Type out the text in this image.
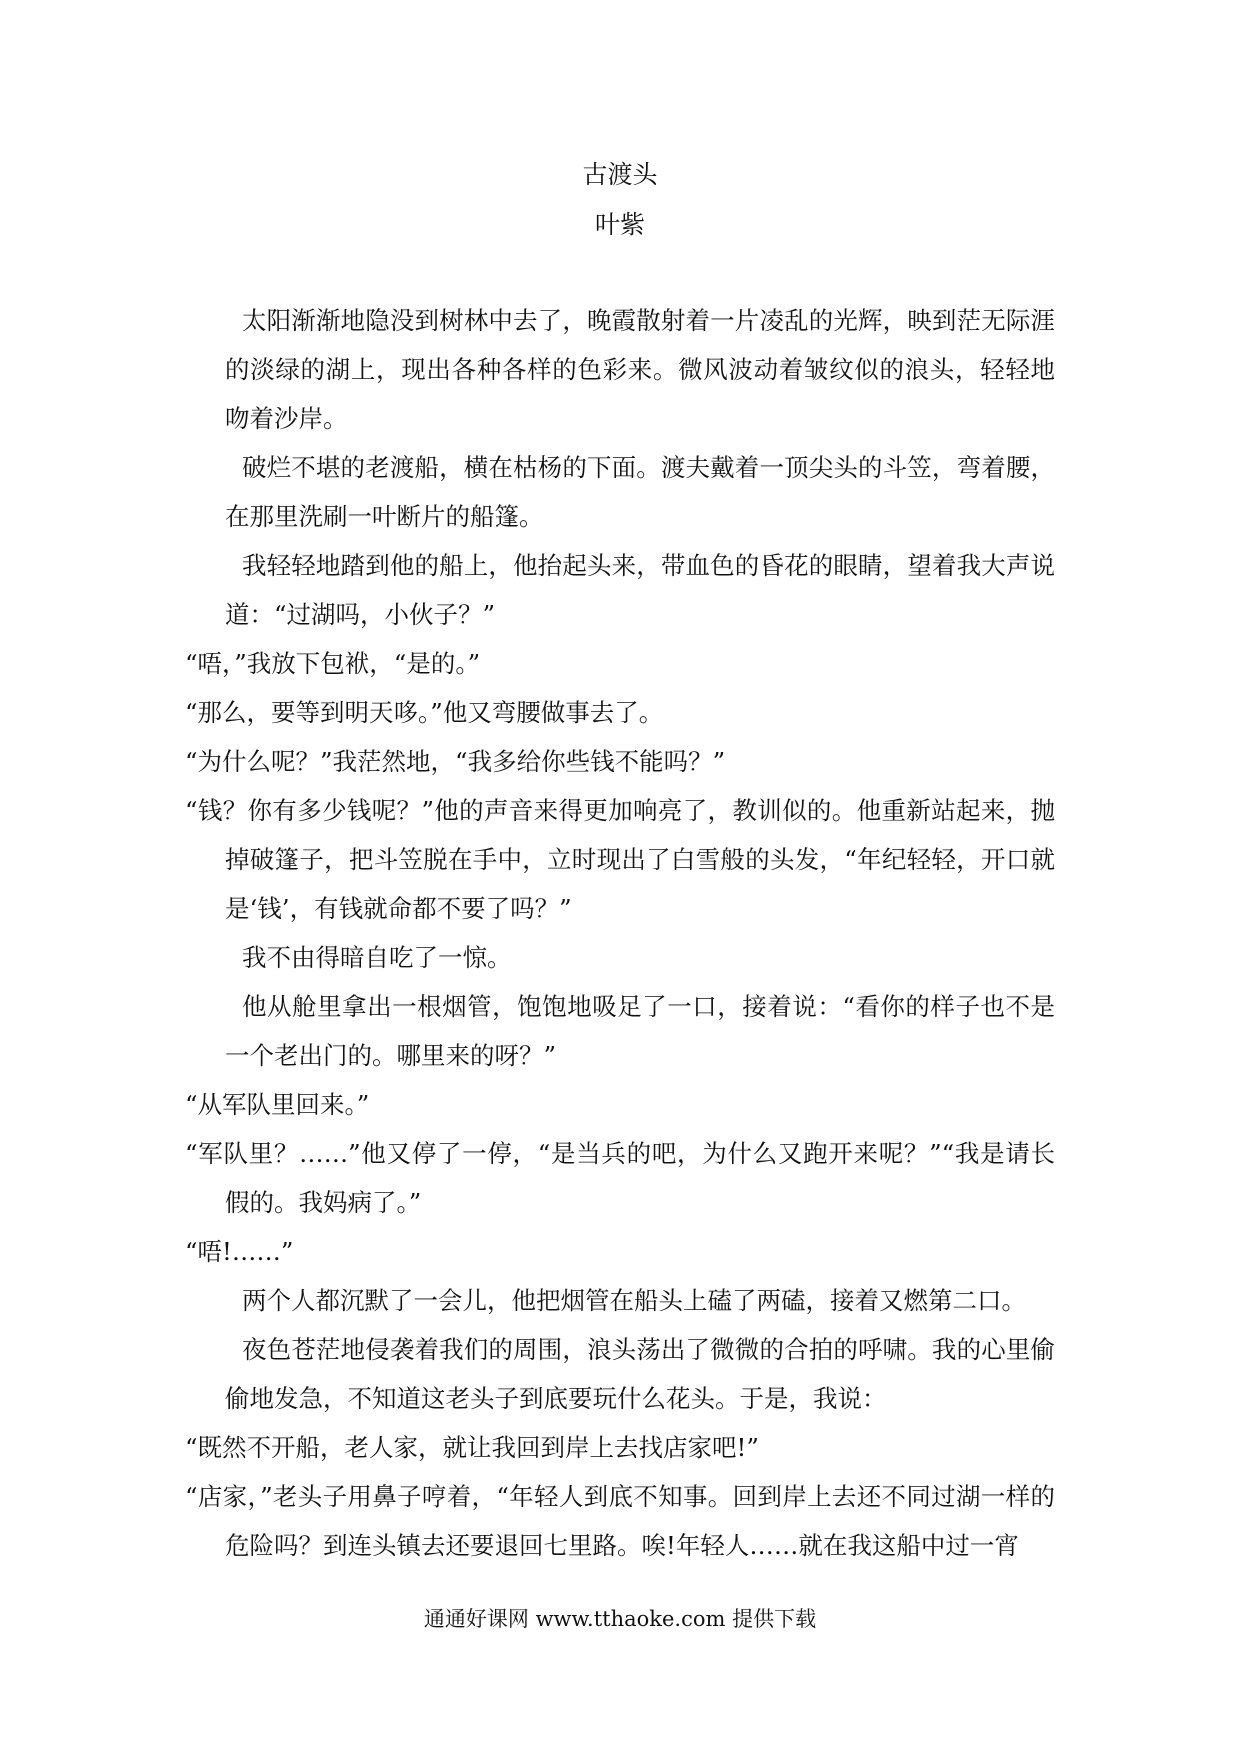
古渡头
叶紫

太阳渐渐地隐没到树林中去了，晚霞散射着一片凌乱的光辉，映到茫无际涯的淡绿的湖上，现出各种各样的色彩来。微风波动着皱纹似的浪头，轻轻地吻着沙岸。

破烂不堪的老渡船，横在枯杨的下面。渡夫戴着一顶尖头的斗笠，弯着腰，在那里洗刷一叶断片的船篷。

我轻轻地踏到他的船上，他抬起头来，带血色的昏花的眼睛，望着我大声说道：“过湖吗，小伙子？”

“唔，”我放下包袱，“是的。”

“那么，要等到明天哆。”他又弯腰做事去了。

“为什么呢？”我茫然地，“我多给你些钱不能吗？”

“钱？你有多少钱呢？”他的声音来得更加响亮了，教训似的。他重新站起来，抛掉破篷子，把斗笠脱在手中，立时现出了白雪般的头发，“年纪轻轻，开口就是‘钱’，有钱就命都不要了吗？”

我不由得暗自吃了一惊。

他从舱里拿出一根烟管，饱饱地吸足了一口，接着说：“看你的样子也不是一个老出门的。哪里来的呀？”

“从军队里回来。”

“军队里？……”他又停了一停，“是当兵的吧，为什么又跑开来呢？”“我是请长假的。我妈病了。”

“唔!……”

两个人都沉默了一会儿，他把烟管在船头上磕了两磕，接着又燃第二口。

夜色苍茫地侵袭着我们的周围，浪头荡出了微微的合拍的呼啸。我的心里偷偷地发急，不知道这老头子到底要玩什么花头。于是，我说：

“既然不开船，老人家，就让我回到岸上去找店家吧!”

“店家，”老头子用鼻子哼着，“年轻人到底不知事。回到岸上去还不同过湖一样的危险吗？到连头镇去还要退回七里路。唉!年轻人……就在我这船中过一宵

通通好课网 www.tthaoke.com 提供下载
